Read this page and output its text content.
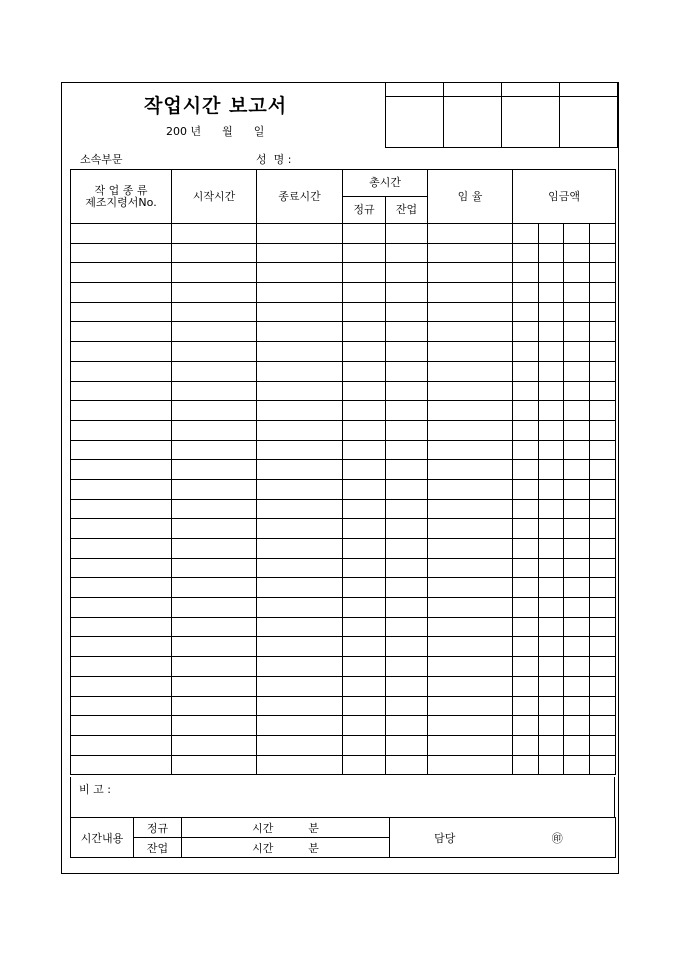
작업시간 보고서
200 년 월 일

소속부문	성  명 :
작 업 종 류
제조지령서No.	시작시간	종료시간	총시간		임 율	임금액			
			정규	잔업					

비 고 :
시간내용	정규	시간 분	담당	㊞
	잔업	시간 분		
